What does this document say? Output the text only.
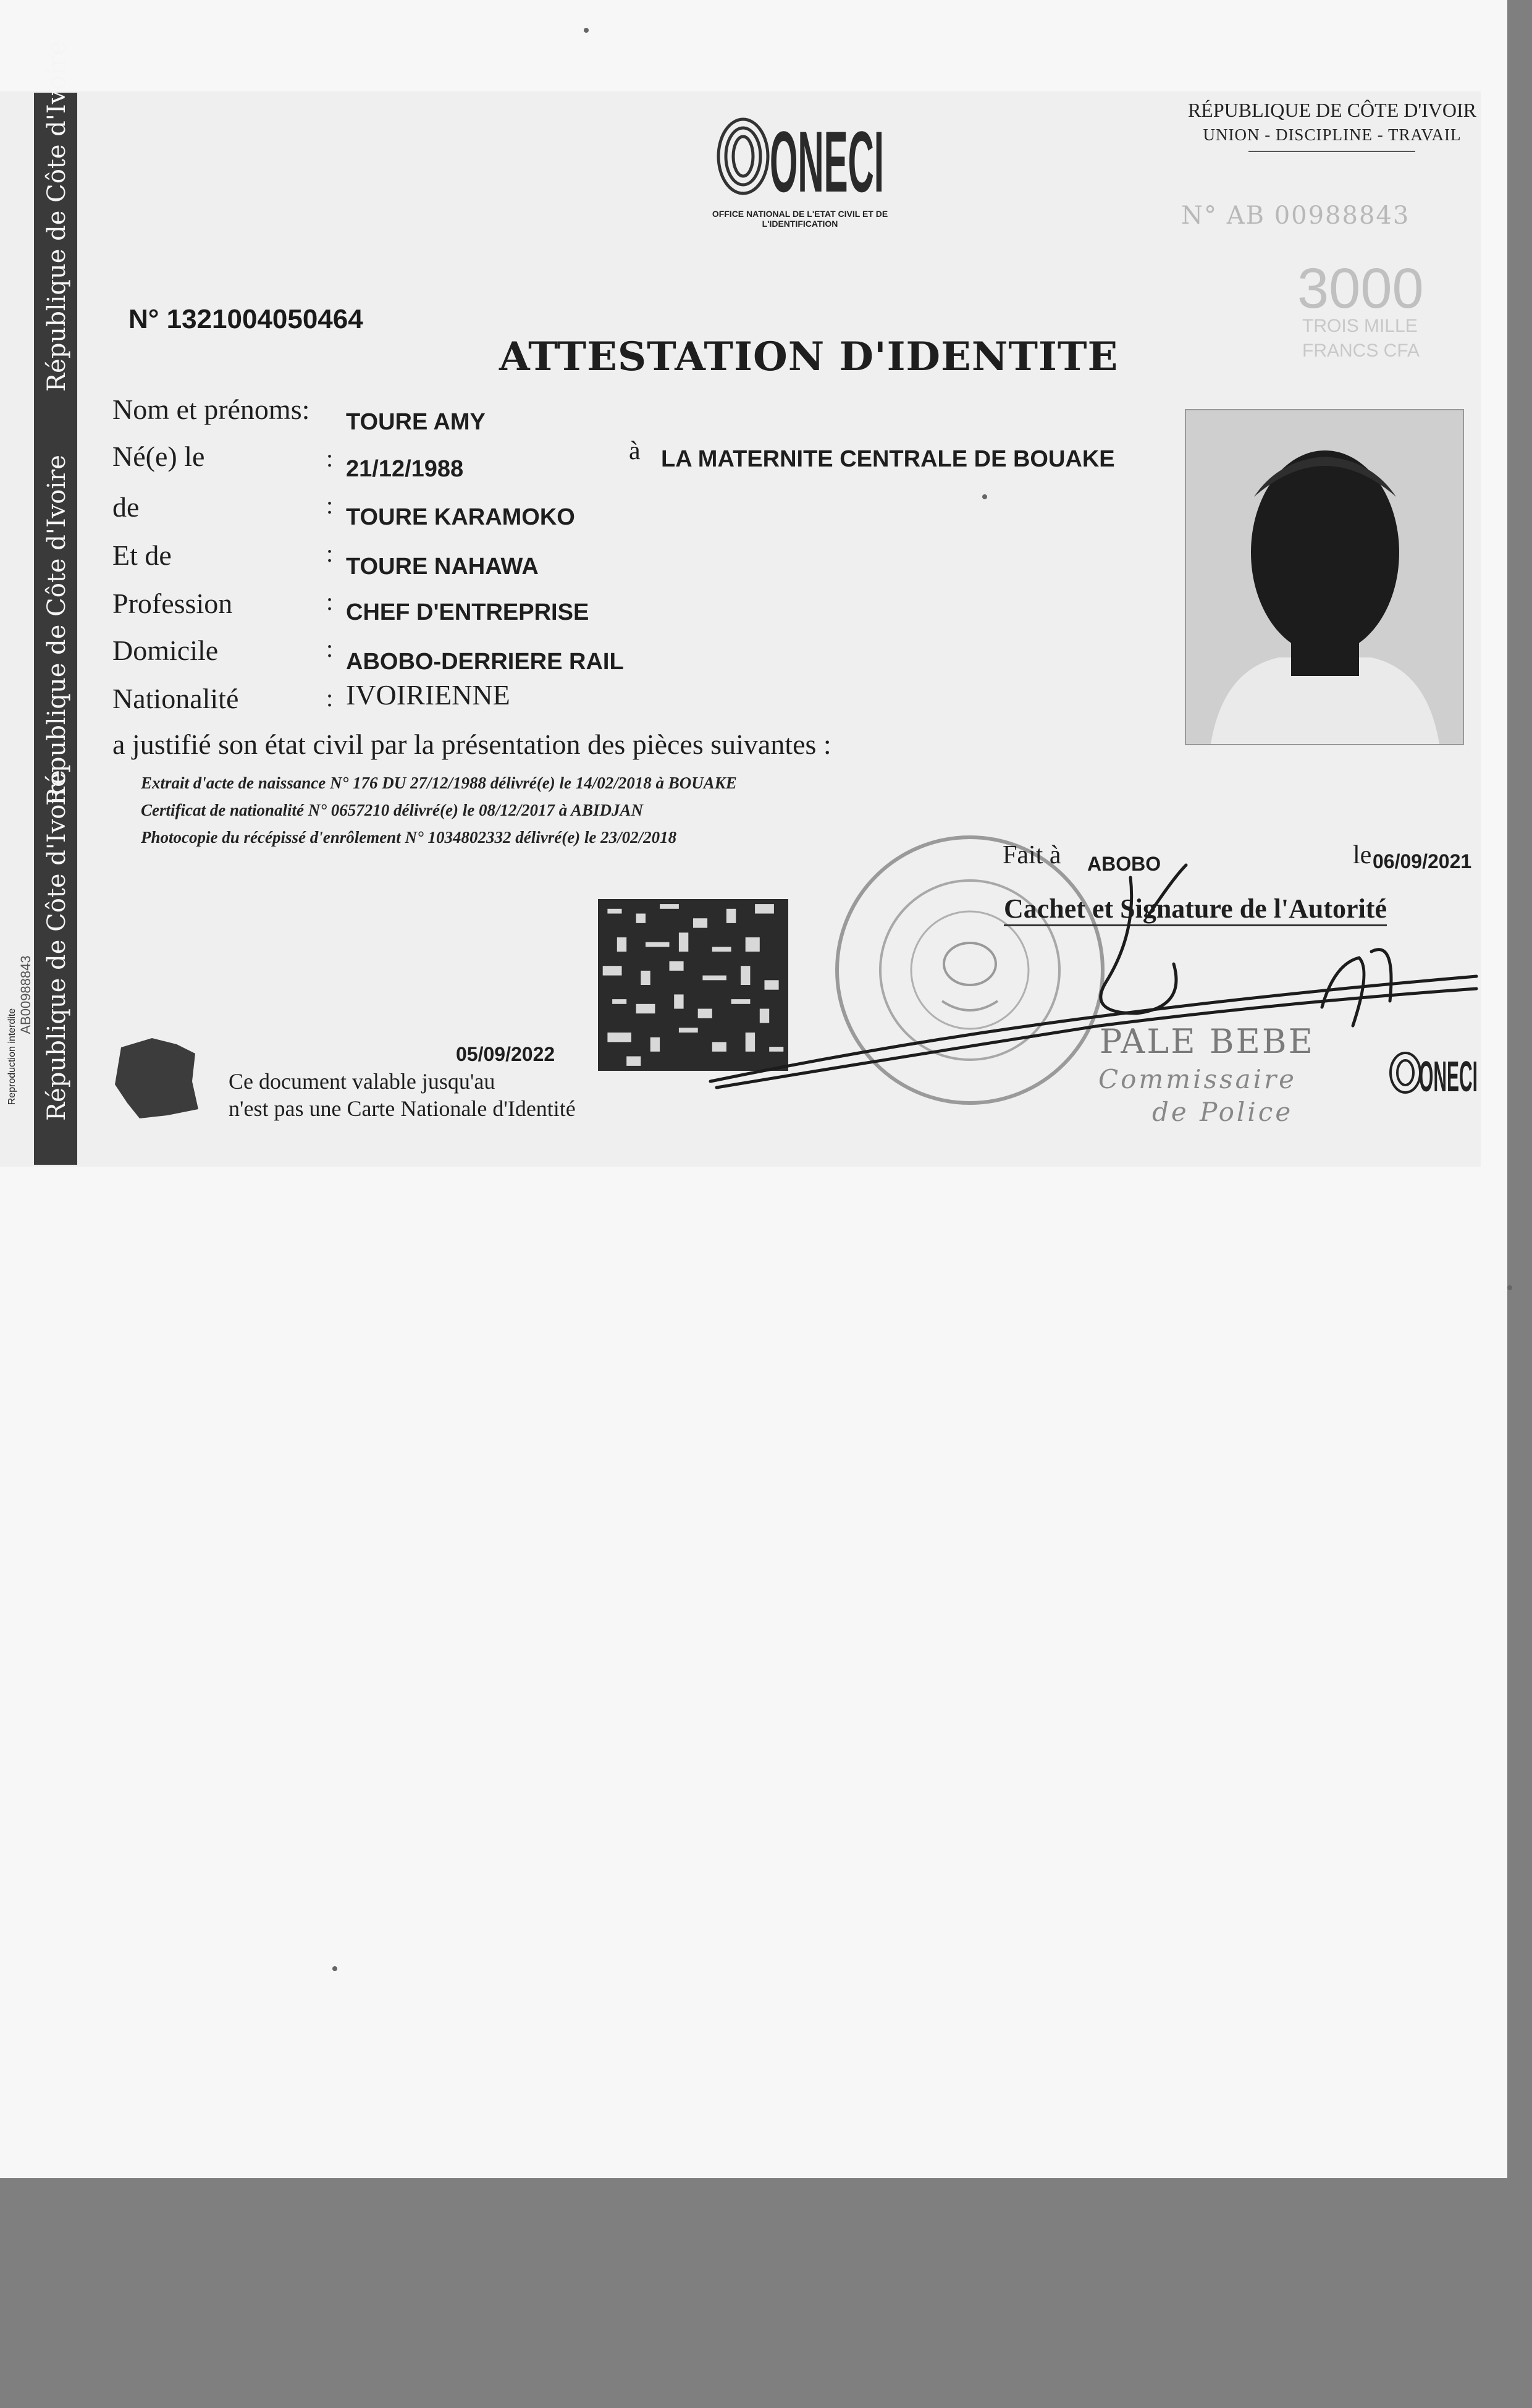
République de Côte d'Ivoire
République de Côte d'Ivoire
République de Côte d'Ivoire
AB00988843
Reproduction interdite
ONECI
OFFICE NATIONAL DE L'ETAT CIVIL ET DE L'IDENTIFICATION
RÉPUBLIQUE DE CÔTE D'IVOIR
UNION - DISCIPLINE - TRAVAIL
N° AB 00988843
3000
TROIS MILLE
FRANCS CFA
N° 1321004050464
ATTESTATION D'IDENTITE
Nom et prénoms: TOURE AMY
Né(e) le	: 21/12/1988
à LA MATERNITE CENTRALE DE BOUAKE
de	: TOURE KARAMOKO
Et de	: TOURE NAHAWA
Profession	: CHEF D'ENTREPRISE
Domicile	: ABOBO-DERRIERE RAIL
Nationalité	: IVOIRIENNE
a justifié son état civil par la présentation des pièces suivantes :
Extrait d'acte de naissance N° 176 DU 27/12/1988 délivré(e) le 14/02/2018 à BOUAKE
Certificat de nationalité N° 0657210 délivré(e) le 08/12/2017 à ABIDJAN
Photocopie du récépissé d'enrôlement N° 1034802332 délivré(e) le 23/02/2018
Fait à ABOBO	le 06/09/2021
Cachet et Signature de l'Autorité
PALE BEBE
Commissaire
de Police
ONECI
05/09/2022
Ce document valable jusqu'au
n'est pas une Carte Nationale d'Identité
